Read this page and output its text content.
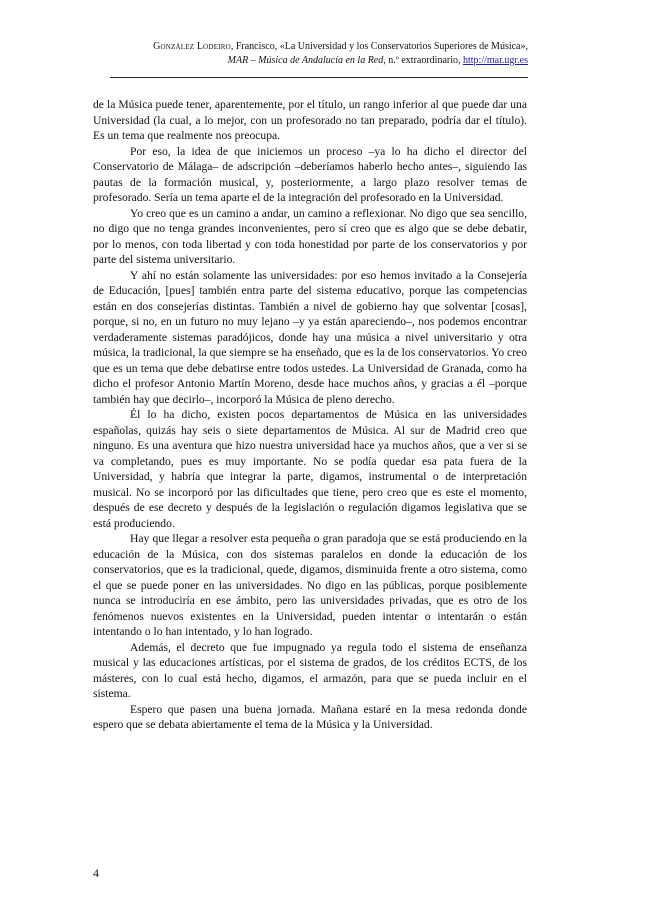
González Lodeiro, Francisco, «La Universidad y los Conservatorios Superiores de Música»,
MAR – Música de Andalucía en la Red, n.º extraordinario, http://mar.ugr.es

de la Música puede tener, aparentemente, por el título, un rango inferior al que puede dar una Universidad (la cual, a lo mejor, con un profesorado no tan preparado, podría dar el título). Es un tema que realmente nos preocupa.

Por eso, la idea de que iniciemos un proceso –ya lo ha dicho el director del Conservatorio de Málaga– de adscripción –deberíamos haberlo hecho antes–, siguiendo las pautas de la formación musical, y, posteriormente, a largo plazo resolver temas de profesorado. Sería un tema aparte el de la integración del profesorado en la Universidad.

Yo creo que es un camino a andar, un camino a reflexionar. No digo que sea sencillo, no digo que no tenga grandes inconvenientes, pero sí creo que es algo que se debe debatir, por lo menos, con toda libertad y con toda honestidad por parte de los conservatorios y por parte del sistema universitario.

Y ahí no están solamente las universidades: por eso hemos invitado a la Consejería de Educación, [pues] también entra parte del sistema educativo, porque las competencias están en dos consejerías distintas. También a nivel de gobierno hay que solventar [cosas], porque, si no, en un futuro no muy lejano –y ya están apareciendo–, nos podemos encontrar verdaderamente sistemas paradójicos, donde hay una música a nivel universitario y otra música, la tradicional, la que siempre se ha enseñado, que es la de los conservatorios. Yo creo que es un tema que debe debatirse entre todos ustedes. La Universidad de Granada, como ha dicho el profesor Antonio Martín Moreno, desde hace muchos años, y gracias a él –porque también hay que decirlo–, incorporó la Música de pleno derecho.

Él lo ha dicho, existen pocos departamentos de Música en las universidades españolas, quizás hay seis o siete departamentos de Música. Al sur de Madrid creo que ninguno. Es una aventura que hizo nuestra universidad hace ya muchos años, que a ver si se va completando, pues es muy importante. No se podía quedar esa pata fuera de la Universidad, y habría que integrar la parte, digamos, instrumental o de interpretación musical. No se incorporó por las dificultades que tiene, pero creo que es este el momento, después de ese decreto y después de la legislación o regulación digamos legislativa que se está produciendo.

Hay que llegar a resolver esta pequeña o gran paradoja que se está produciendo en la educación de la Música, con dos sistemas paralelos en donde la educación de los conservatorios, que es la tradicional, quede, digamos, disminuida frente a otro sistema, como el que se puede poner en las universidades. No digo en las públicas, porque posiblemente nunca se introduciría en ese ámbito, pero las universidades privadas, que es otro de los fenómenos nuevos existentes en la Universidad, pueden intentar o intentarán o están intentando o lo han intentado, y lo han logrado.

Además, el decreto que fue impugnado ya regula todo el sistema de enseñanza musical y las educaciones artísticas, por el sistema de grados, de los créditos ECTS, de los másteres, con lo cual está hecho, digamos, el armazón, para que se pueda incluir en el sistema.

Espero que pasen una buena jornada. Mañana estaré en la mesa redonda donde espero que se debata abiertamente el tema de la Música y la Universidad.

4
